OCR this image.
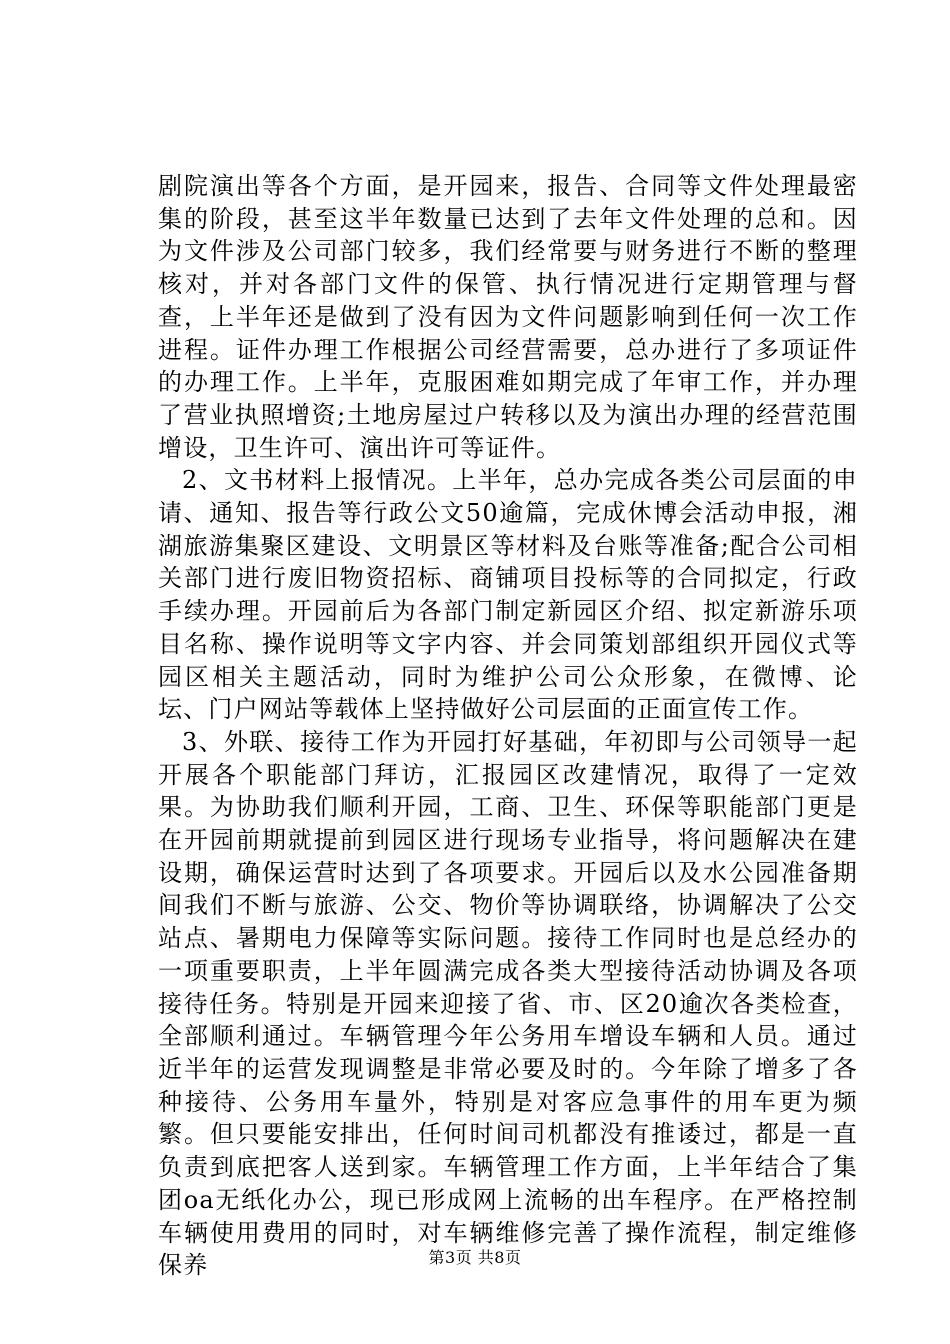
剧院演出等各个方面，是开园来，报告、合同等文件处理最密集的阶段，甚至这半年数量已达到了去年文件处理的总和。因为文件涉及公司部门较多，我们经常要与财务进行不断的整理核对，并对各部门文件的保管、执行情况进行定期管理与督查，上半年还是做到了没有因为文件问题影响到任何一次工作进程。证件办理工作根据公司经营需要，总办进行了多项证件的办理工作。上半年，克服困难如期完成了年审工作，并办理了营业执照增资;土地房屋过户转移以及为演出办理的经营范围增设，卫生许可、演出许可等证件。

2、文书材料上报情况。上半年，总办完成各类公司层面的申请、通知、报告等行政公文50逾篇，完成休博会活动申报，湘湖旅游集聚区建设、文明景区等材料及台账等准备;配合公司相关部门进行废旧物资招标、商铺项目投标等的合同拟定，行政手续办理。开园前后为各部门制定新园区介绍、拟定新游乐项目名称、操作说明等文字内容、并会同策划部组织开园仪式等园区相关主题活动，同时为维护公司公众形象，在微博、论坛、门户网站等载体上坚持做好公司层面的正面宣传工作。

3、外联、接待工作为开园打好基础，年初即与公司领导一起开展各个职能部门拜访，汇报园区改建情况，取得了一定效果。为协助我们顺利开园，工商、卫生、环保等职能部门更是在开园前期就提前到园区进行现场专业指导，将问题解决在建设期，确保运营时达到了各项要求。开园后以及水公园准备期间我们不断与旅游、公交、物价等协调联络，协调解决了公交站点、暑期电力保障等实际问题。接待工作同时也是总经办的一项重要职责，上半年圆满完成各类大型接待活动协调及各项接待任务。特别是开园来迎接了省、市、区20逾次各类检查，全部顺利通过。车辆管理今年公务用车增设车辆和人员。通过近半年的运营发现调整是非常必要及时的。今年除了增多了各种接待、公务用车量外，特别是对客应急事件的用车更为频繁。但只要能安排出，任何时间司机都没有推诿过，都是一直负责到底把客人送到家。车辆管理工作方面，上半年结合了集团oa无纸化办公，现已形成网上流畅的出车程序。在严格控制车辆使用费用的同时，对车辆维修完善了操作流程，制定维修保养	第3页 共8页
